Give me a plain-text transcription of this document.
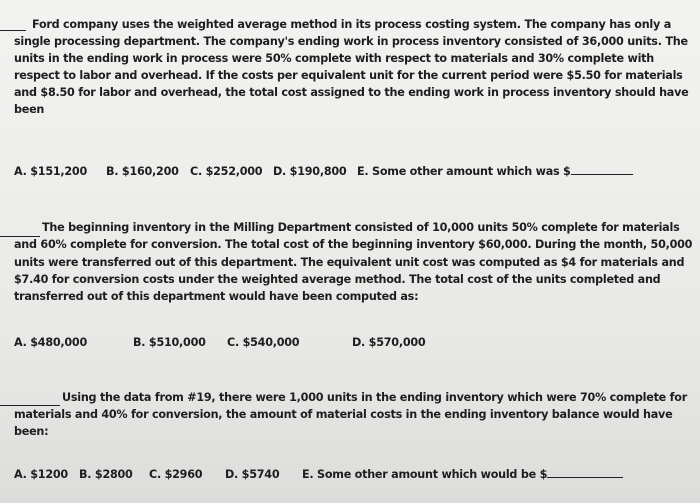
Ford company uses the weighted average method in its process costing system. The company has only a

single processing department. The company's ending work in process inventory consisted of 36,000 units. The

units in the ending work in process were 50% complete with respect to materials and 30% complete with

respect to labor and overhead. If the costs per equivalent unit for the current period were $5.50 for materials

and $8.50 for labor and overhead, the total cost assigned to the ending work in process inventory should have

been

A. $151,200 B. $160,200 C. $252,000 D. $190,800 E. Some other amount which was $

The beginning inventory in the Milling Department consisted of 10,000 units 50% complete for materials

and 60% complete for conversion. The total cost of the beginning inventory $60,000. During the month, 50,000

units were transferred out of this department. The equivalent unit cost was computed as $4 for materials and

$7.40 for conversion costs under the weighted average method. The total cost of the units completed and

transferred out of this department would have been computed as:

A. $480,000	B. $510,000 C. $540,000	D. $570,000

Using the data from #19, there were 1,000 units in the ending inventory which were 70% complete for

materials and 40% for conversion, the amount of material costs in the ending inventory balance would have

been:

A. $1200 B. $2800 C. $2960 D. $5740 E. Some other amount which would be $
